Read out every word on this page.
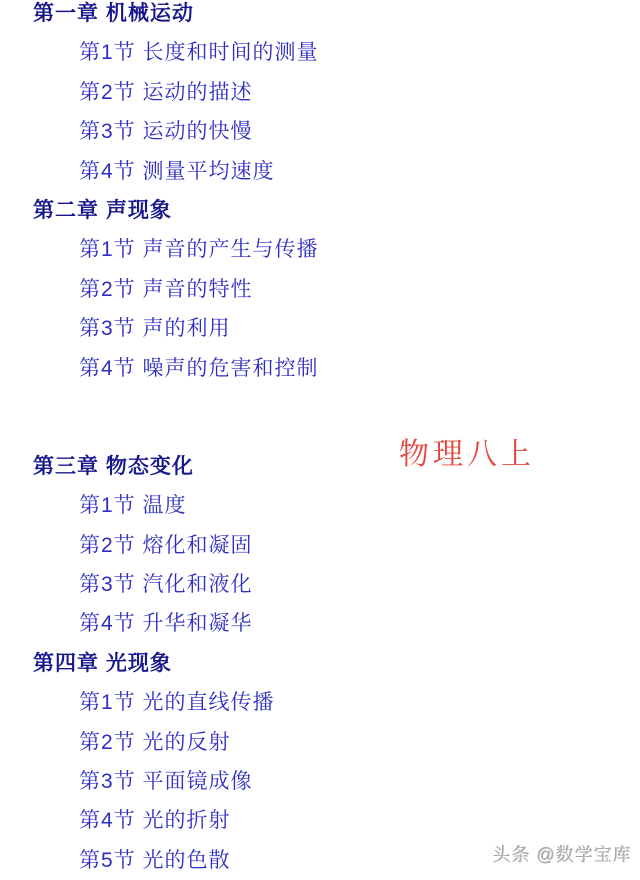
第一章 机械运动
第1节 长度和时间的测量
第2节 运动的描述
第3节 运动的快慢
第4节 测量平均速度
第二章 声现象
第1节 声音的产生与传播
第2节 声音的特性
第3节 声的利用
第4节 噪声的危害和控制
第三章 物态变化
第1节 温度
第2节 熔化和凝固
第3节 汽化和液化
第4节 升华和凝华
第四章 光现象
第1节 光的直线传播
第2节 光的反射
第3节 平面镜成像
第4节 光的折射
第5节 光的色散
物理八上
头条 @数学宝库
